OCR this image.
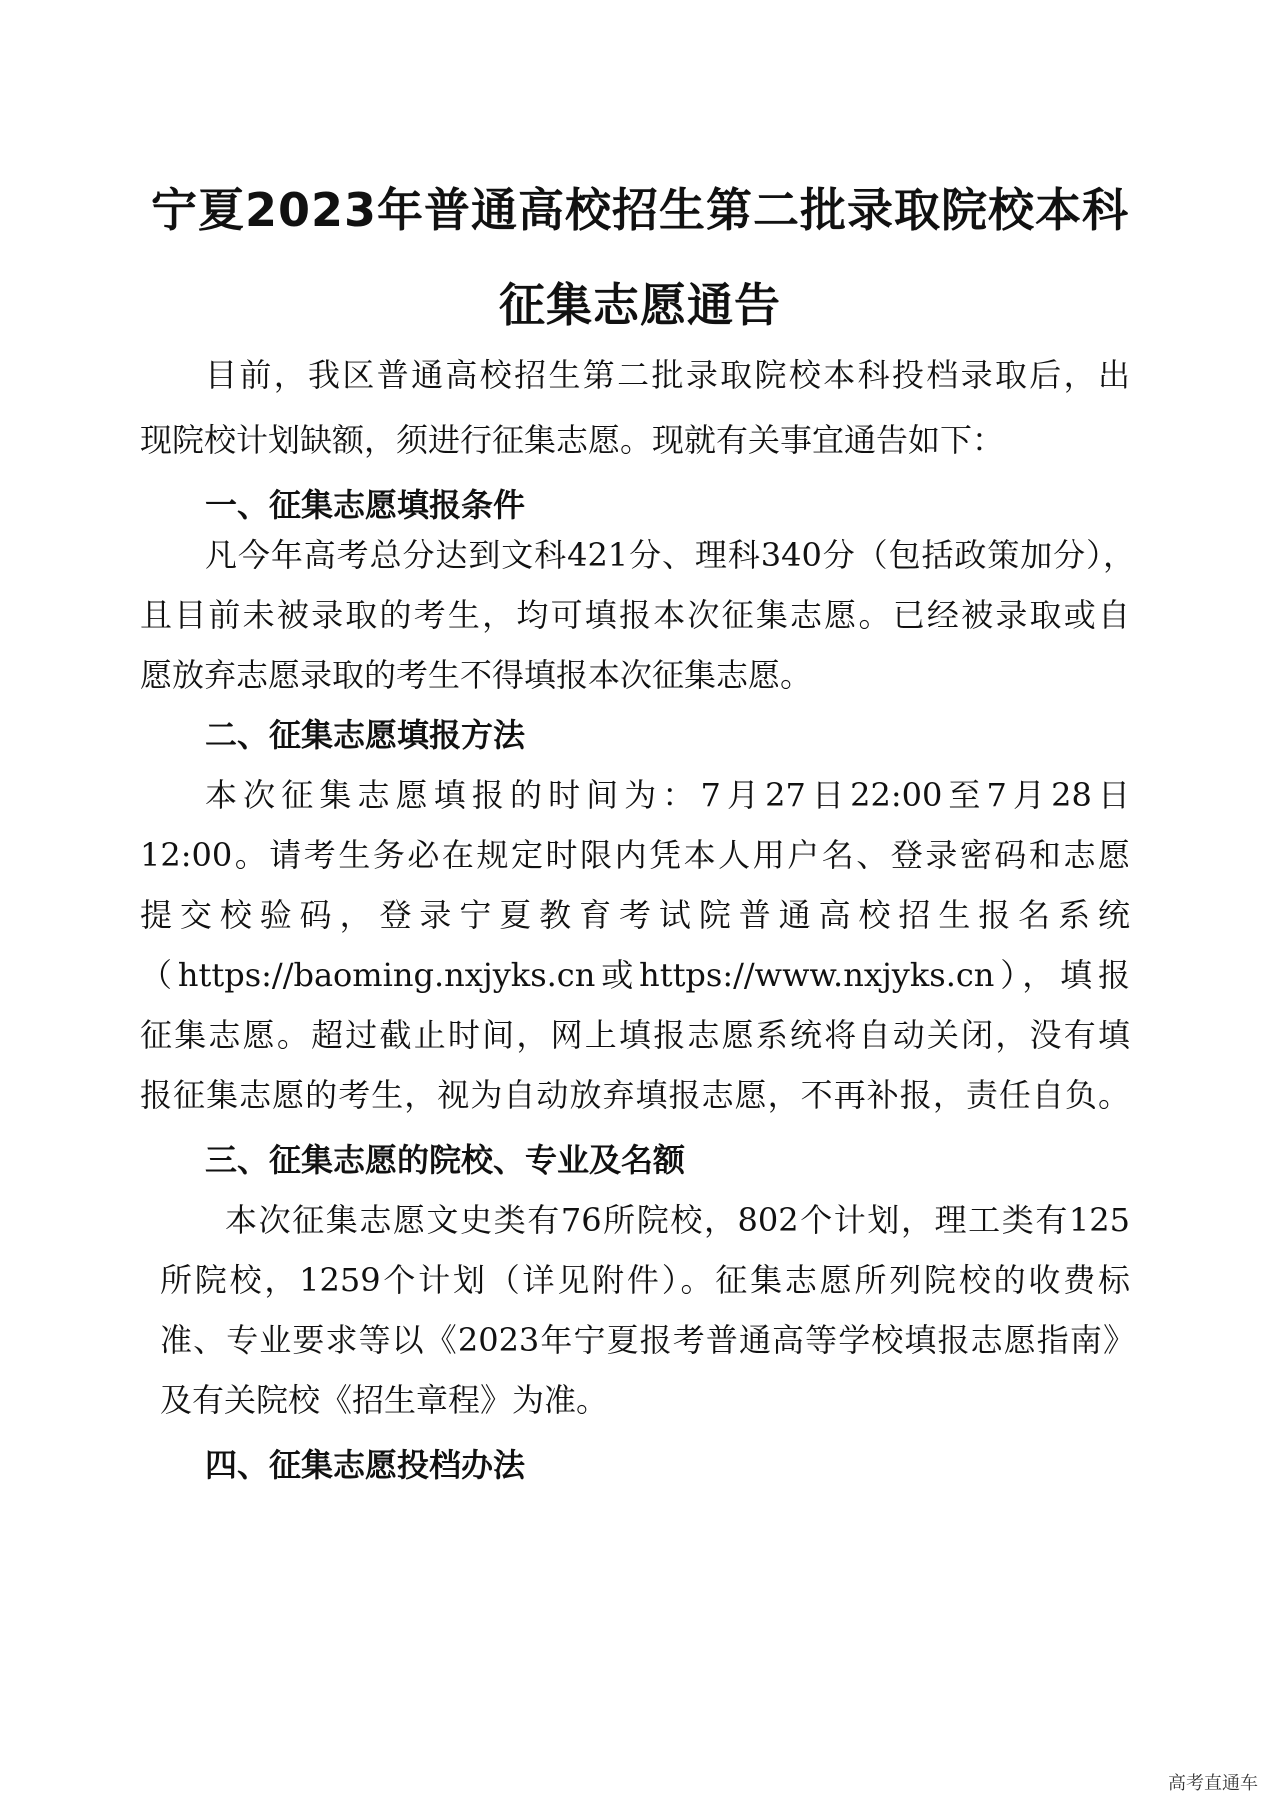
宁夏2023年普通高校招生第二批录取院校本科
征集志愿通告

目前，我区普通高校招生第二批录取院校本科投档录取后，出

现院校计划缺额，须进行征集志愿。现就有关事宜通告如下：

一、征集志愿填报条件

凡今年高考总分达到文科421分、理科340分（包括政策加分），

且目前未被录取的考生，均可填报本次征集志愿。已经被录取或自

愿放弃志愿录取的考生不得填报本次征集志愿。

二、征集志愿填报方法

本次征集志愿填报的时间为：7月27日22:00至7月28日

12:00。请考生务必在规定时限内凭本人用户名、登录密码和志愿

提交校验码，登录宁夏教育考试院普通高校招生报名系统

（https://baoming.nxjyks.cn或https://www.nxjyks.cn），填报

征集志愿。超过截止时间，网上填报志愿系统将自动关闭，没有填

报征集志愿的考生，视为自动放弃填报志愿，不再补报，责任自负。

三、征集志愿的院校、专业及名额

本次征集志愿文史类有76所院校，802个计划，理工类有125

所院校，1259个计划（详见附件）。征集志愿所列院校的收费标

准、专业要求等以《2023年宁夏报考普通高等学校填报志愿指南》

及有关院校《招生章程》为准。

四、征集志愿投档办法

高考直通车
